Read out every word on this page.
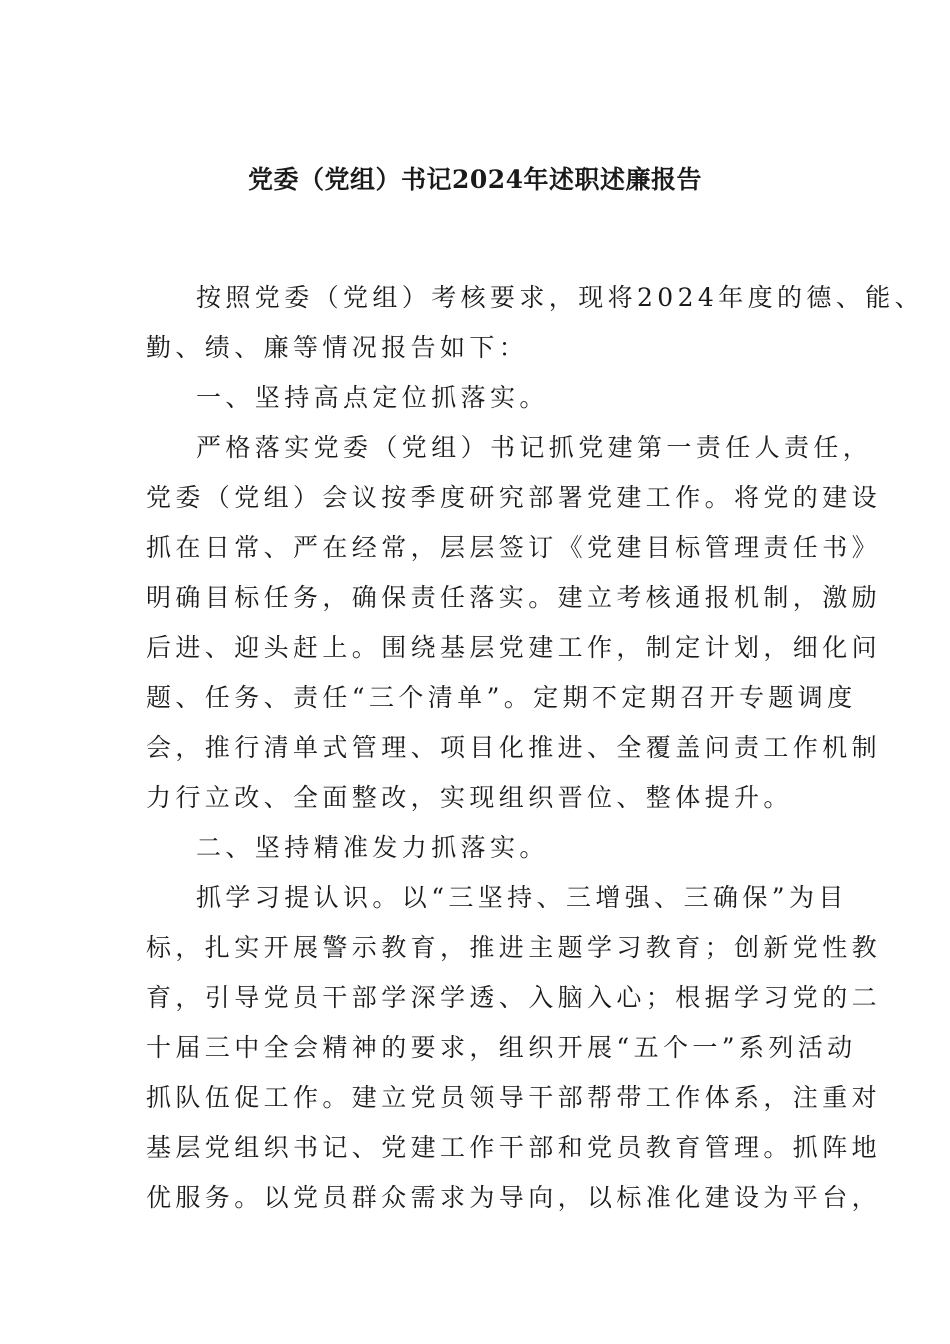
党委（党组）书记2024年述职述廉报告
按照党委（党组）考核要求，现将2024年度的德、能、
勤、绩、廉等情况报告如下：
一、坚持高点定位抓落实。
严格落实党委（党组）书记抓党建第一责任人责任，
党委（党组）会议按季度研究部署党建工作。将党的建设
抓在日常、严在经常，层层签订《党建目标管理责任书》
明确目标任务，确保责任落实。建立考核通报机制，激励
后进、迎头赶上。围绕基层党建工作，制定计划，细化问
题、任务、责任“三个清单”。定期不定期召开专题调度
会，推行清单式管理、项目化推进、全覆盖问责工作机制
力行立改、全面整改，实现组织晋位、整体提升。
二、坚持精准发力抓落实。
抓学习提认识。以“三坚持、三增强、三确保”为目
标，扎实开展警示教育，推进主题学习教育；创新党性教
育，引导党员干部学深学透、入脑入心；根据学习党的二
十届三中全会精神的要求，组织开展“五个一”系列活动
抓队伍促工作。建立党员领导干部帮带工作体系，注重对
基层党组织书记、党建工作干部和党员教育管理。抓阵地
优服务。以党员群众需求为导向，以标准化建设为平台，
